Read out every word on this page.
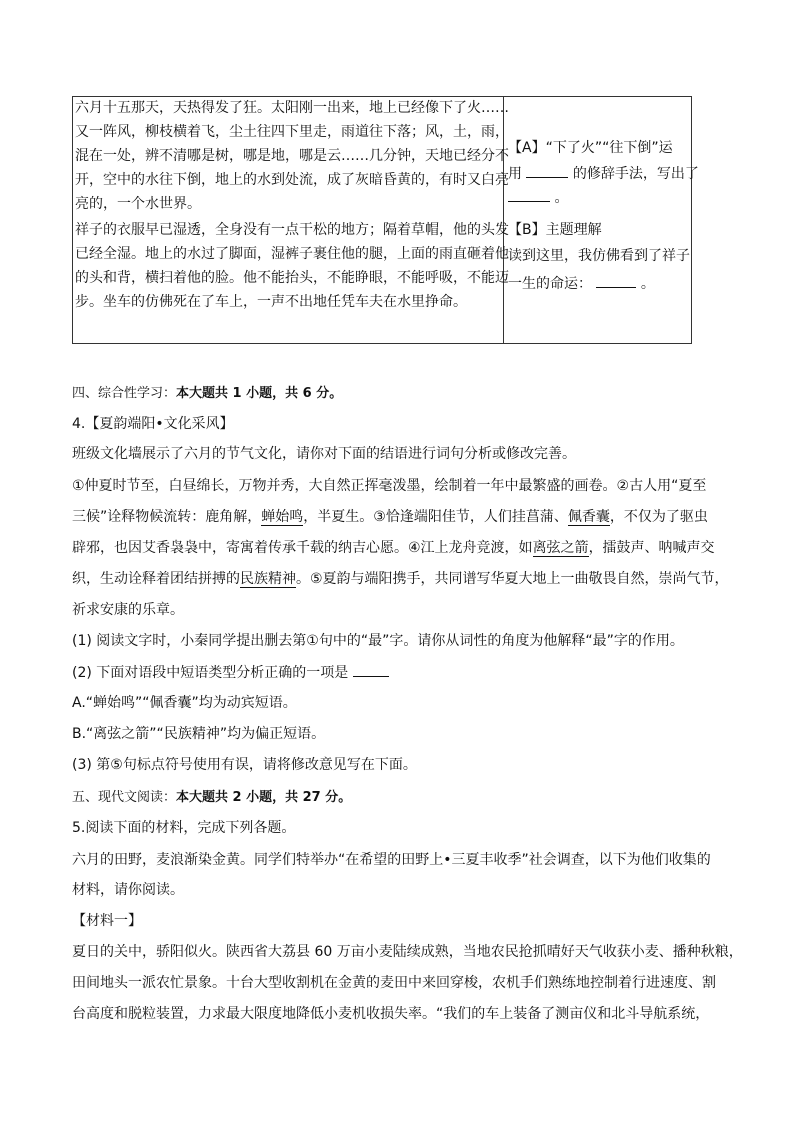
六月十五那天，天热得发了狂。太阳刚一出来，地上已经像下了火……
又一阵风，柳枝横着飞，尘土往四下里走，雨道往下落；风，土，雨，
混在一处，辨不清哪是树，哪是地，哪是云……几分钟，天地已经分不
开，空中的水往下倒，地上的水到处流，成了灰暗昏黄的，有时又白亮
亮的，一个水世界。
祥子的衣服早已湿透，全身没有一点干松的地方；隔着草帽，他的头发
已经全湿。地上的水过了脚面，湿裤子裹住他的腿，上面的雨直砸着他
的头和背，横扫着他的脸。他不能抬头，不能睁眼，不能呼吸，不能迈
步。坐车的仿佛死在了车上，一声不出地任凭车夫在水里挣命。
【A】“下了火”“往下倒”运
用	的修辞手法，写出了
。
【B】主题理解
读到这里，我仿佛看到了祥子
一生的命运：	。
四、综合性学习：本大题共 1 小题，共 6 分。
4.【夏韵端阳•文化采风】
班级文化墙展示了六月的节气文化，请你对下面的结语进行词句分析或修改完善。
①仲夏时节至，白昼绵长，万物并秀，大自然正挥毫泼墨，绘制着一年中最繁盛的画卷。②古人用“夏至
三候”诠释物候流转：鹿角解，蝉始鸣，半夏生。③恰逢端阳佳节，人们挂菖蒲、佩香囊，不仅为了驱虫
辟邪，也因艾香袅袅中，寄寓着传承千载的纳吉心愿。④江上龙舟竞渡，如离弦之箭，擂鼓声、呐喊声交
织，生动诠释着团结拼搏的民族精神。⑤夏韵与端阳携手，共同谱写华夏大地上一曲敬畏自然，崇尚气节，
祈求安康的乐章。
(1) 阅读文字时，小秦同学提出删去第①句中的“最”字。请你从词性的角度为他解释“最”字的作用。
(2) 下面对语段中短语类型分析正确的一项是
A.“蝉始鸣”“佩香囊”均为动宾短语。
B.“离弦之箭”“民族精神”均为偏正短语。
(3) 第⑤句标点符号使用有误，请将修改意见写在下面。
五、现代文阅读：本大题共 2 小题，共 27 分。
5.阅读下面的材料，完成下列各题。
六月的田野，麦浪渐染金黄。同学们特举办“在希望的田野上•三夏丰收季”社会调查，以下为他们收集的
材料，请你阅读。
【材料一】
夏日的关中，骄阳似火。陕西省大荔县 60 万亩小麦陆续成熟，当地农民抢抓晴好天气收获小麦、播种秋粮，
田间地头一派农忙景象。十台大型收割机在金黄的麦田中来回穿梭，农机手们熟练地控制着行进速度、割
台高度和脱粒装置，力求最大限度地降低小麦机收损失率。“我们的车上装备了测亩仪和北斗导航系统，
